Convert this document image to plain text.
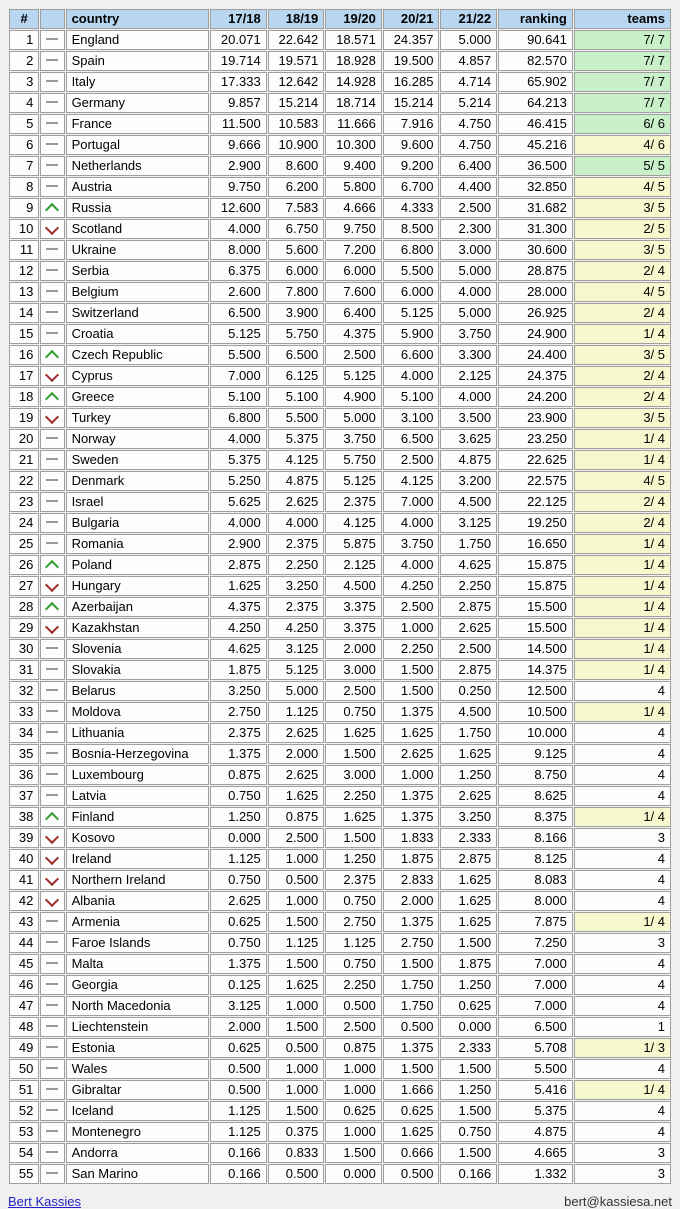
#		country	17/18	18/19	19/20	20/21	21/22	ranking	teams
1		England	20.071	22.642	18.571	24.357	5.000	90.641	7/ 7
2		Spain	19.714	19.571	18.928	19.500	4.857	82.570	7/ 7
3		Italy	17.333	12.642	14.928	16.285	4.714	65.902	7/ 7
4		Germany	9.857	15.214	18.714	15.214	5.214	64.213	7/ 7
5		France	11.500	10.583	11.666	7.916	4.750	46.415	6/ 6
6		Portugal	9.666	10.900	10.300	9.600	4.750	45.216	4/ 6
7		Netherlands	2.900	8.600	9.400	9.200	6.400	36.500	5/ 5
8		Austria	9.750	6.200	5.800	6.700	4.400	32.850	4/ 5
9		Russia	12.600	7.583	4.666	4.333	2.500	31.682	3/ 5
10		Scotland	4.000	6.750	9.750	8.500	2.300	31.300	2/ 5
11		Ukraine	8.000	5.600	7.200	6.800	3.000	30.600	3/ 5
12		Serbia	6.375	6.000	6.000	5.500	5.000	28.875	2/ 4
13		Belgium	2.600	7.800	7.600	6.000	4.000	28.000	4/ 5
14		Switzerland	6.500	3.900	6.400	5.125	5.000	26.925	2/ 4
15		Croatia	5.125	5.750	4.375	5.900	3.750	24.900	1/ 4
16		Czech Republic	5.500	6.500	2.500	6.600	3.300	24.400	3/ 5
17		Cyprus	7.000	6.125	5.125	4.000	2.125	24.375	2/ 4
18		Greece	5.100	5.100	4.900	5.100	4.000	24.200	2/ 4
19		Turkey	6.800	5.500	5.000	3.100	3.500	23.900	3/ 5
20		Norway	4.000	5.375	3.750	6.500	3.625	23.250	1/ 4
21		Sweden	5.375	4.125	5.750	2.500	4.875	22.625	1/ 4
22		Denmark	5.250	4.875	5.125	4.125	3.200	22.575	4/ 5
23		Israel	5.625	2.625	2.375	7.000	4.500	22.125	2/ 4
24		Bulgaria	4.000	4.000	4.125	4.000	3.125	19.250	2/ 4
25		Romania	2.900	2.375	5.875	3.750	1.750	16.650	1/ 4
26		Poland	2.875	2.250	2.125	4.000	4.625	15.875	1/ 4
27		Hungary	1.625	3.250	4.500	4.250	2.250	15.875	1/ 4
28		Azerbaijan	4.375	2.375	3.375	2.500	2.875	15.500	1/ 4
29		Kazakhstan	4.250	4.250	3.375	1.000	2.625	15.500	1/ 4
30		Slovenia	4.625	3.125	2.000	2.250	2.500	14.500	1/ 4
31		Slovakia	1.875	5.125	3.000	1.500	2.875	14.375	1/ 4
32		Belarus	3.250	5.000	2.500	1.500	0.250	12.500	4
33		Moldova	2.750	1.125	0.750	1.375	4.500	10.500	1/ 4
34		Lithuania	2.375	2.625	1.625	1.625	1.750	10.000	4
35		Bosnia-Herzegovina	1.375	2.000	1.500	2.625	1.625	9.125	4
36		Luxembourg	0.875	2.625	3.000	1.000	1.250	8.750	4
37		Latvia	0.750	1.625	2.250	1.375	2.625	8.625	4
38		Finland	1.250	0.875	1.625	1.375	3.250	8.375	1/ 4
39		Kosovo	0.000	2.500	1.500	1.833	2.333	8.166	3
40		Ireland	1.125	1.000	1.250	1.875	2.875	8.125	4
41		Northern Ireland	0.750	0.500	2.375	2.833	1.625	8.083	4
42		Albania	2.625	1.000	0.750	2.000	1.625	8.000	4
43		Armenia	0.625	1.500	2.750	1.375	1.625	7.875	1/ 4
44		Faroe Islands	0.750	1.125	1.125	2.750	1.500	7.250	3
45		Malta	1.375	1.500	0.750	1.500	1.875	7.000	4
46		Georgia	0.125	1.625	2.250	1.750	1.250	7.000	4
47		North Macedonia	3.125	1.000	0.500	1.750	0.625	7.000	4
48		Liechtenstein	2.000	1.500	2.500	0.500	0.000	6.500	1
49		Estonia	0.625	0.500	0.875	1.375	2.333	5.708	1/ 3
50		Wales	0.500	1.000	1.000	1.500	1.500	5.500	4
51		Gibraltar	0.500	1.000	1.000	1.666	1.250	5.416	1/ 4
52		Iceland	1.125	1.500	0.625	0.625	1.500	5.375	4
53		Montenegro	1.125	0.375	1.000	1.625	0.750	4.875	4
54		Andorra	0.166	0.833	1.500	0.666	1.500	4.665	3
55		San Marino	0.166	0.500	0.000	0.500	0.166	1.332	3
Bert Kassies	bert@kassiesa.net
